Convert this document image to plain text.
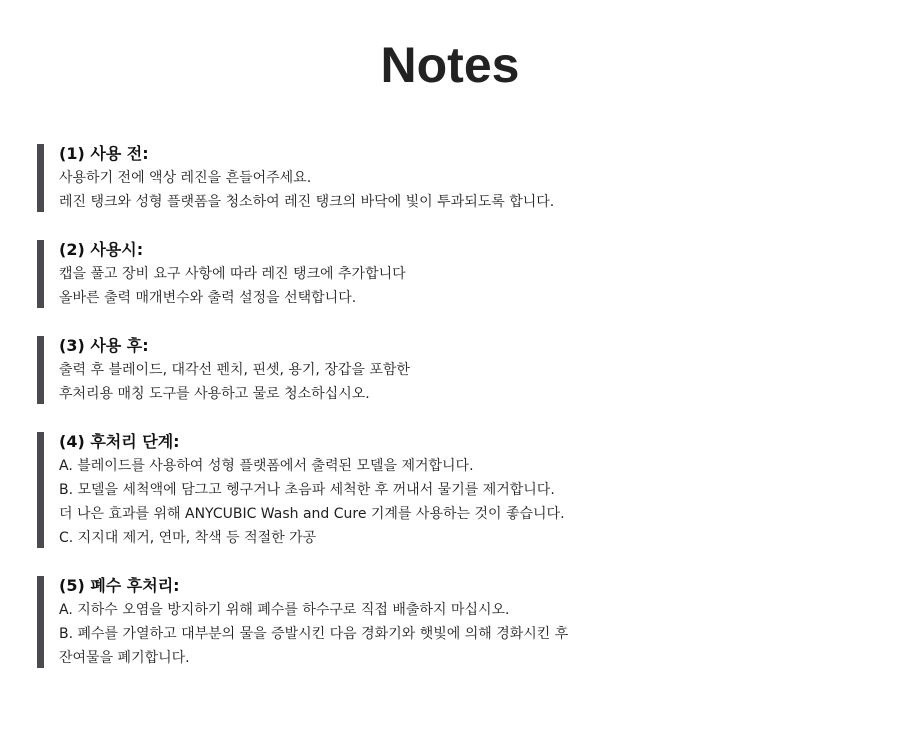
Notes

(1) 사용 전:

사용하기 전에 액상 레진을 흔들어주세요.

레진 탱크와 성형 플랫폼을 청소하여 레진 탱크의 바닥에 빛이 투과되도록 합니다.

(2) 사용시:

캡을 풀고 장비 요구 사항에 따라 레진 탱크에 추가합니다

올바른 출력 매개변수와 출력 설정을 선택합니다.

(3) 사용 후:

출력 후 블레이드, 대각선 펜치, 핀셋, 용기, 장갑을 포함한

후처리용 매칭 도구를 사용하고 물로 청소하십시오.

(4) 후처리 단계:

A. 블레이드를 사용하여 성형 플랫폼에서 출력된 모델을 제거합니다.

B. 모델을 세척액에 담그고 헹구거나 초음파 세척한 후 꺼내서 물기를 제거합니다.

더 나은 효과를 위해 ANYCUBIC Wash and Cure 기계를 사용하는 것이 좋습니다.

C. 지지대 제거, 연마, 착색 등 적절한 가공

(5) 폐수 후처리:

A. 지하수 오염을 방지하기 위해 폐수를 하수구로 직접 배출하지 마십시오.

B. 폐수를 가열하고 대부분의 물을 증발시킨 다음 경화기와 햇빛에 의해 경화시킨 후

잔여물을 폐기합니다.
